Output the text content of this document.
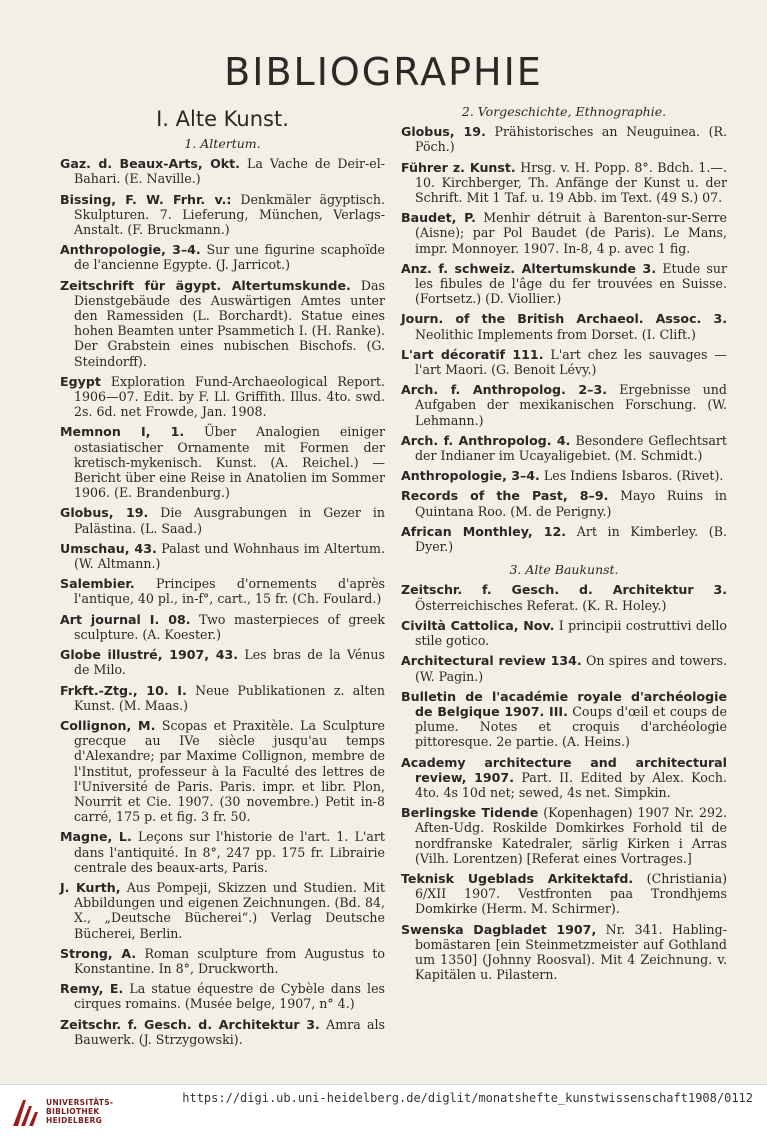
BIBLIOGRAPHIE
I. Alte Kunst.
1. Altertum.

Gaz. d. Beaux-Arts, Okt. La Vache de Deir-el-Bahari. (E. Naville.)

Bissing, F. W. Frhr. v.: Denkmäler ägyptisch. Skulpturen. 7. Lieferung, München, Verlags-Anstalt. (F. Bruckmann.)

Anthropologie, 3–4. Sur une figurine scaphoïde de l'ancienne Egypte. (J. Jarricot.)

Zeitschrift für ägypt. Altertumskunde. Das Dienstgebäude des Auswärtigen Amtes unter den Ramessiden (L. Borchardt). Statue eines hohen Beamten unter Psammetich I. (H. Ranke). Der Grabstein eines nubischen Bischofs. (G. Steindorff).

Egypt Exploration Fund-Archaeological Report. 1906—07. Edit. by F. Ll. Griffith. Illus. 4to. swd. 2s. 6d. net Frowde, Jan. 1908.

Memnon I, 1. Über Analogien einiger ostasiatischer Ornamente mit Formen der kretisch-mykenisch. Kunst. (A. Reichel.) — Bericht über eine Reise in Anatolien im Sommer 1906. (E. Brandenburg.)

Globus, 19. Die Ausgrabungen in Gezer in Palästina. (L. Saad.)

Umschau, 43. Palast und Wohnhaus im Altertum. (W. Altmann.)

Salembier. Principes d'ornements d'après l'antique, 40 pl., in-f°, cart., 15 fr. (Ch. Foulard.)

Art journal I. 08. Two masterpieces of greek sculpture. (A. Koester.)

Globe illustré, 1907, 43. Les bras de la Vénus de Milo.

Frkft.-Ztg., 10. I. Neue Publikationen z. alten Kunst. (M. Maas.)

Collignon, M. Scopas et Praxitèle. La Sculpture grecque au IVe siècle jusqu'au temps d'Alexandre; par Maxime Collignon, membre de l'Institut, professeur à la Faculté des lettres de l'Université de Paris. Paris. impr. et libr. Plon, Nourrit et Cie. 1907. (30 novembre.) Petit in-8 carré, 175 p. et fig. 3 fr. 50.

Magne, L. Leçons sur l'historie de l'art. 1. L'art dans l'antiquité. In 8°, 247 pp. 175 fr. Librairie centrale des beaux-arts, Paris.

J. Kurth, Aus Pompeji, Skizzen und Studien. Mit Abbildungen und eigenen Zeichnungen. (Bd. 84, X., „Deutsche Bücherei“.) Verlag Deutsche Bücherei, Berlin.

Strong, A. Roman sculpture from Augustus to Konstantine. In 8°, Druckworth.

Remy, E. La statue équestre de Cybèle dans les cirques romains. (Musée belge, 1907, n° 4.)

Zeitschr. f. Gesch. d. Architektur 3. Amra als Bauwerk. (J. Strzygowski).

2. Vorgeschichte, Ethnographie.

Globus, 19. Prähistorisches an Neuguinea. (R. Pöch.)

Führer z. Kunst. Hrsg. v. H. Popp. 8°. Bdch. 1.—. 10. Kirchberger, Th. Anfänge der Kunst u. der Schrift. Mit 1 Taf. u. 19 Abb. im Text. (49 S.) 07.

Baudet, P. Menhir détruit à Barenton-sur-Serre (Aisne); par Pol Baudet (de Paris). Le Mans, impr. Monnoyer. 1907. In-8, 4 p. avec 1 fig.

Anz. f. schweiz. Altertumskunde 3. Etude sur les fibules de l'âge du fer trouvées en Suisse. (Fortsetz.) (D. Viollier.)

Journ. of the British Archaeol. Assoc. 3. Neolithic Implements from Dorset. (I. Clift.)

L'art décoratif 111. L'art chez les sauvages — l'art Maori. (G. Benoit Lévy.)

Arch. f. Anthropolog. 2–3. Ergebnisse und Aufgaben der mexikanischen Forschung. (W. Lehmann.)

Arch. f. Anthropolog. 4. Besondere Geflechtsart der Indianer im Ucayaligebiet. (M. Schmidt.)

Anthropologie, 3–4. Les Indiens Isbaros. (Rivet).

Records of the Past, 8–9. Mayo Ruins in Quintana Roo. (M. de Perigny.)

African Monthley, 12. Art in Kimberley. (B. Dyer.)

3. Alte Baukunst.

Zeitschr. f. Gesch. d. Architektur 3. Österreichisches Referat. (K. R. Holey.)

Civiltà Cattolica, Nov. I principii costruttivi dello stile gotico.

Architectural review 134. On spires and towers. (W. Pagin.)

Bulletin de l'académie royale d'archéologie de Belgique 1907. III. Coups d'œil et coups de plume. Notes et croquis d'archéologie pittoresque. 2e partie. (A. Heins.)

Academy architecture and architectural review, 1907. Part. II. Edited by Alex. Koch. 4to. 4s 10d net; sewed, 4s net. Simpkin.

Berlingske Tidende (Kopenhagen) 1907 Nr. 292. Aften-Udg. Roskilde Domkirkes Forhold til de nordfranske Katedraler, särlig Kirken i Arras (Vilh. Lorentzen) [Referat eines Vortrages.]

Teknisk Ugeblads Arkitektafd. (Christiania) 6/XII 1907. Vestfronten paa Trondhjems Domkirke (Herm. M. Schirmer).

Swenska Dagbladet 1907, Nr. 341. Habling-bomästaren [ein Steinmetzmeister auf Gothland um 1350] (Johnny Roosval). Mit 4 Zeichnung. v. Kapitälen u. Pilastern.

UNIVERSITÄTS-
BIBLIOTHEK
HEIDELBERG
https://digi.ub.uni-heidelberg.de/diglit/monatshefte_kunstwissenschaft1908/0112
